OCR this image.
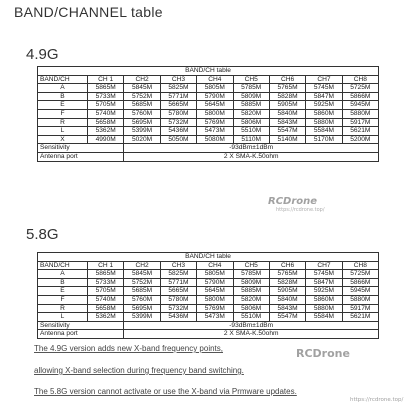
BAND/CHANNEL table
4.9G
BAND/CH table								
BAND/CH	CH 1	CH2	CH3	CH4	CH5	CH6	CH7	CH8
A	5865M	5845M	5825M	5805M	5785M	5765M	5745M	5725M
B	5733M	5752M	5771M	5790M	5809M	5828M	5847M	5866M
E	5705M	5685M	5665M	5645M	5885M	5905M	5925M	5945M
F	5740M	5760M	5780M	5800M	5820M	5840M	5860M	5880M
R	5658M	5695M	5732M	5769M	5806M	5843M	5880M	5917M
L	5362M	5399M	5436M	5473M	5510M	5547M	5584M	5621M
X	4990M	5020M	5050M	5080M	5110M	5140M	5170M	5200M
Sensitivity		-93dBm±1dBm						
Antenna port		2 X SMA-K.50ohm						
RCDrone
https://rcdrone.top/
5.8G
BAND/CH table								
BAND/CH	CH 1	CH2	CH3	CH4	CH5	CH6	CH7	CH8
A	5865M	5845M	5825M	5805M	5785M	5765M	5745M	5725M
B	5733M	5752M	5771M	5790M	5809M	5828M	5847M	5866M
E	5705M	5685M	5665M	5645M	5885M	5905M	5925M	5945M
F	5740M	5760M	5780M	5800M	5820M	5840M	5860M	5880M
R	5658M	5695M	5732M	5769M	5806M	5843M	5880M	5917M
L	5362M	5399M	5436M	5473M	5510M	5547M	5584M	5621M
Sensitivity		-93dBm±1dBm						
Antenna port		2 X SMA-K.50ohm						
The 4.9G version adds new X-band frequency points,
allowing X-band selection during frequency band switching.
The 5.8G version cannot activate or use the X-band via Prmware updates.
RCDrone
https://rcdrone.top/
